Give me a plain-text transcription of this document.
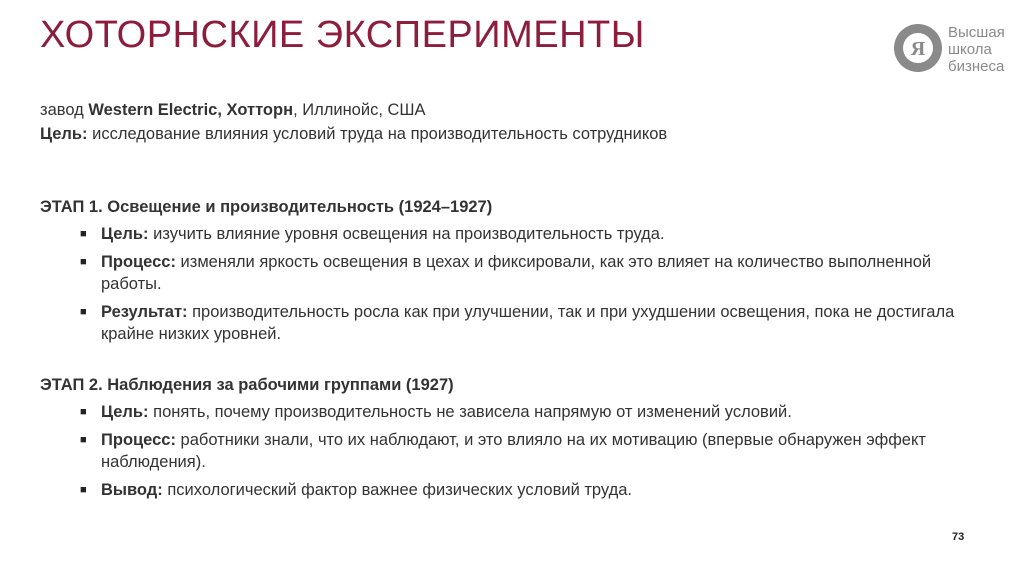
ХОТОРНСКИЕ ЭКСПЕРИМЕНТЫ	Я
Высшая
школа
бизнеса
завод Western Electric, Хотторн, Иллинойс, США
Цель: исследование влияния условий труда на производительность сотрудников
ЭТАП 1. Освещение и производительность (1924–1927)
■ Цель: изучить влияние уровня освещения на производительность труда.
■ Процесс: изменяли яркость освещения в цехах и фиксировали, как это влияет на количество выполненной работы.
■ Результат: производительность росла как при улучшении, так и при ухудшении освещения, пока не достигала крайне низких уровней.
ЭТАП 2. Наблюдения за рабочими группами (1927)
■ Цель: понять, почему производительность не зависела напрямую от изменений условий.
■ Процесс: работники знали, что их наблюдают, и это влияло на их мотивацию (впервые обнаружен эффект наблюдения).
■ Вывод: психологический фактор важнее физических условий труда.
73
